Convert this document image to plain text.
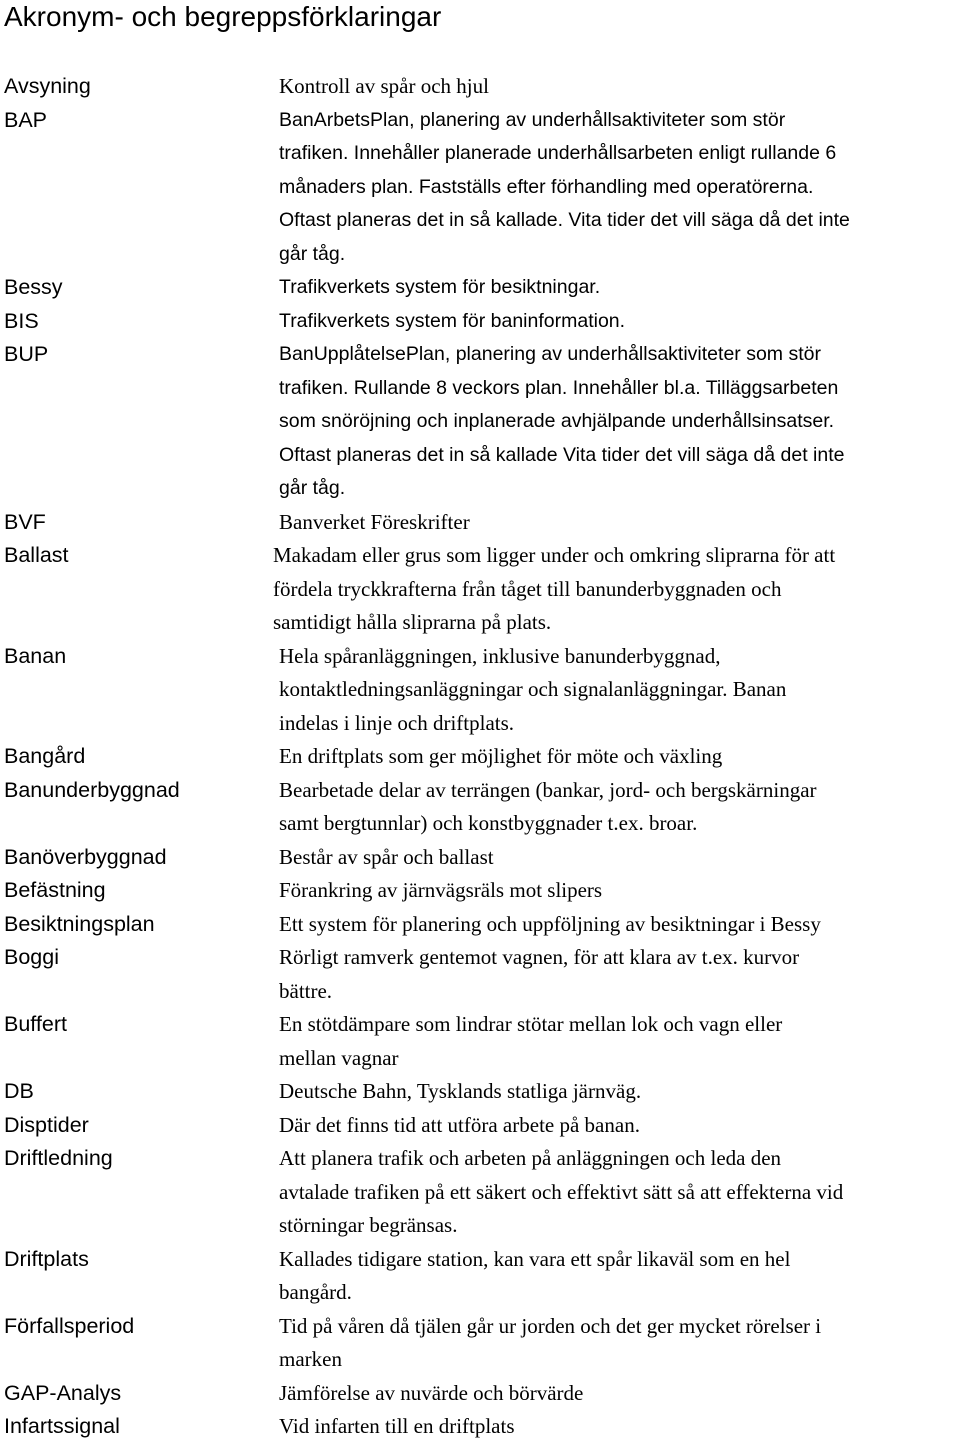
Akronym- och begreppsförklaringar
Avsyning	Kontroll av spår och hjul
BAP	BanArbetsPlan, planering av underhållsaktiviteter som stör
trafiken. Innehåller planerade underhållsarbeten enligt rullande 6
månaders plan. Fastställs efter förhandling med operatörerna.
Oftast planeras det in så kallade. Vita tider det vill säga då det inte
går tåg.
Bessy	Trafikverkets system för besiktningar.
BIS	Trafikverkets system för baninformation.
BUP	BanUpplåtelsePlan, planering av underhållsaktiviteter som stör
trafiken. Rullande 8 veckors plan. Innehåller bl.a. Tilläggsarbeten
som snöröjning och inplanerade avhjälpande underhållsinsatser.
Oftast planeras det in så kallade Vita tider det vill säga då det inte
går tåg.
BVF	Banverket Föreskrifter
Ballast	Makadam eller grus som ligger under och omkring sliprarna för att
fördela tryckkrafterna från tåget till banunderbyggnaden och
samtidigt hålla sliprarna på plats.
Banan	Hela spåranläggningen, inklusive banunderbyggnad,
kontaktledningsanläggningar och signalanläggningar. Banan
indelas i linje och driftplats.
Bangård	En driftplats som ger möjlighet för möte och växling
Banunderbyggnad	Bearbetade delar av terrängen (bankar, jord- och bergskärningar
samt bergtunnlar) och konstbyggnader t.ex. broar.
Banöverbyggnad	Består av spår och ballast
Befästning	Förankring av järnvägsräls mot slipers
Besiktningsplan	Ett system för planering och uppföljning av besiktningar i Bessy
Boggi	Rörligt ramverk gentemot vagnen, för att klara av t.ex. kurvor
bättre.
Buffert	En stötdämpare som lindrar stötar mellan lok och vagn eller
mellan vagnar
DB	Deutsche Bahn, Tysklands statliga järnväg.
Disptider	Där det finns tid att utföra arbete på banan.
Driftledning	Att planera trafik och arbeten på anläggningen och leda den
avtalade trafiken på ett säkert och effektivt sätt så att effekterna vid
störningar begränsas.
Driftplats	Kallades tidigare station, kan vara ett spår likaväl som en hel
bangård.
Förfallsperiod	Tid på våren då tjälen går ur jorden och det ger mycket rörelser i
marken
GAP-Analys	Jämförelse av nuvärde och börvärde
Infartssignal	Vid infarten till en driftplats
